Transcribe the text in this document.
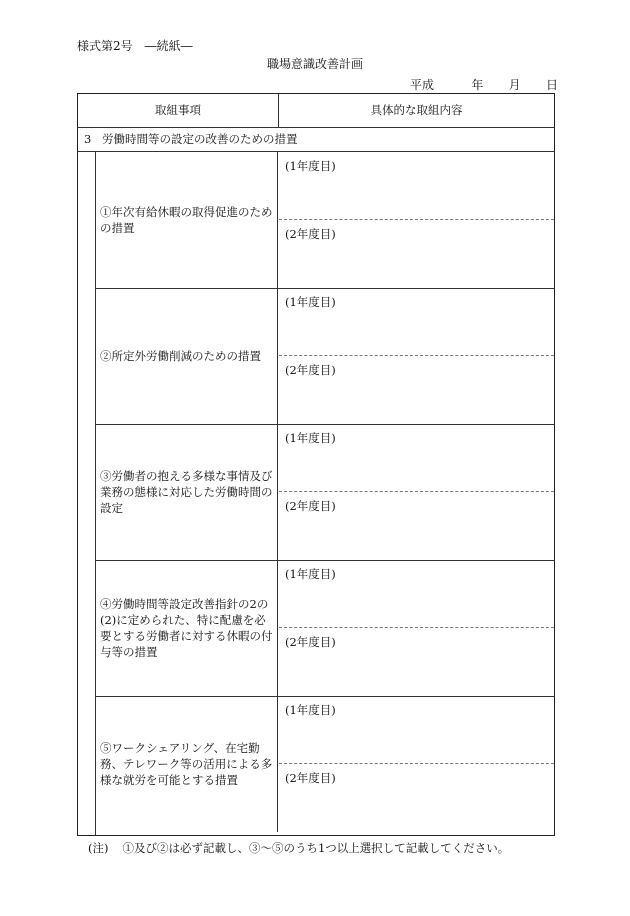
様式第2号 ―続紙―
職場意識改善計画
平成	年 月 日
取組事項	具体的な取組内容
3 労働時間等の設定の改善のための措置
①年次有給休暇の取得促進のための措置
(1年度目)
(2年度目)
②所定外労働削減のための措置
(1年度目)
(2年度目)
③労働者の抱える多様な事情及び業務の態様に対応した労働時間の設定
(1年度目)
(2年度目)
④労働時間等設定改善指針の2の(2)に定められた、特に配慮を必要とする労働者に対する休暇の付与等の措置
(1年度目)
(2年度目)
⑤ワークシェアリング、在宅勤務、テレワーク等の活用による多様な就労を可能とする措置
(1年度目)
(2年度目)
(注) ①及び②は必ず記載し、③～⑤のうち1つ以上選択して記載してください。
